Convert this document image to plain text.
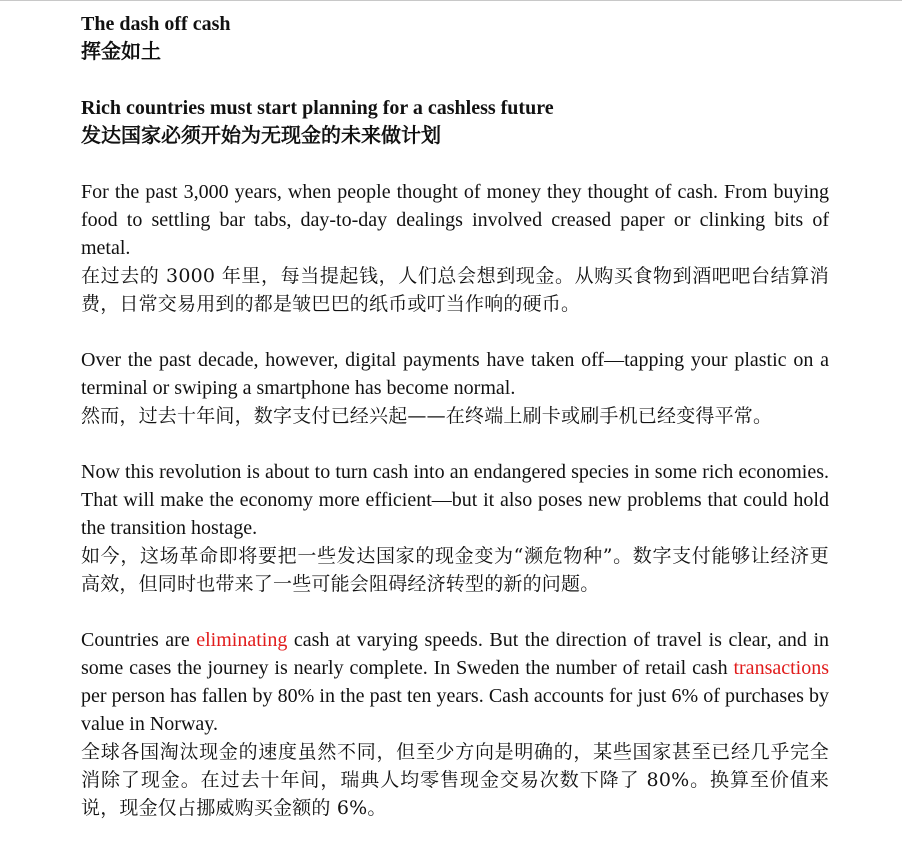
The dash off cash
挥金如土
Rich countries must start planning for a cashless future
发达国家必须开始为无现金的未来做计划

For the past 3,000 years, when people thought of money they thought of cash. From buying food to settling bar tabs, day-to-day dealings involved creased paper or clinking bits of metal.

在过去的 3000 年里，每当提起钱，人们总会想到现金。从购买食物到酒吧吧台结算消费，日常交易用到的都是皱巴巴的纸币或叮当作响的硬币。

Over the past decade, however, digital payments have taken off—tapping your plastic on a terminal or swiping a smartphone has become normal.

然而，过去十年间，数字支付已经兴起——在终端上刷卡或刷手机已经变得平常。

Now this revolution is about to turn cash into an endangered species in some rich economies. That will make the economy more efficient—but it also poses new problems that could hold the transition hostage.

如今，这场革命即将要把一些发达国家的现金变为“濒危物种”。数字支付能够让经济更高效，但同时也带来了一些可能会阻碍经济转型的新的问题。

Countries are eliminating cash at varying speeds. But the direction of travel is clear, and in some cases the journey is nearly complete. In Sweden the number of retail cash transactions per person has fallen by 80% in the past ten years. Cash accounts for just 6% of purchases by value in Norway.

全球各国淘汰现金的速度虽然不同，但至少方向是明确的，某些国家甚至已经几乎完全消除了现金。在过去十年间，瑞典人均零售现金交易次数下降了 80%。换算至价值来说，现金仅占挪威购买金额的 6%。
